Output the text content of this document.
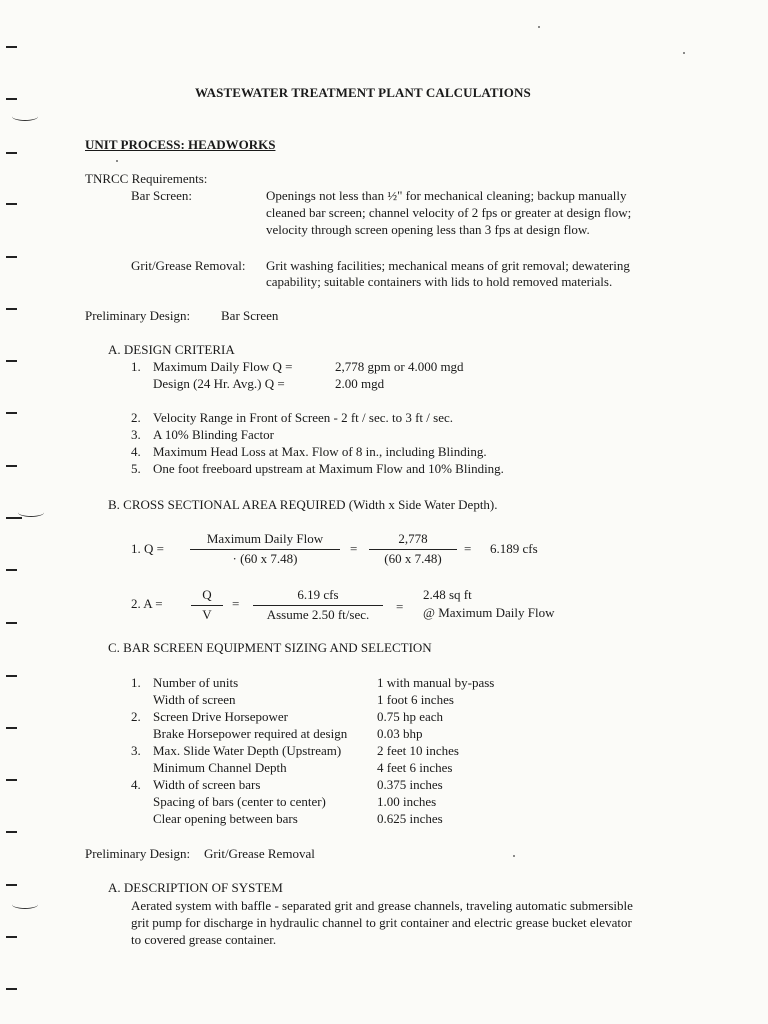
WASTEWATER TREATMENT PLANT CALCULATIONS
UNIT PROCESS: HEADWORKS
TNRCC Requirements:
Bar Screen:	Openings not less than ½" for mechanical cleaning; backup manually
cleaned bar screen; channel velocity of 2 fps or greater at design flow;
velocity through screen opening less than 3 fps at design flow.
Grit/Grease Removal: Grit washing facilities; mechanical means of grit removal; dewatering
capability; suitable containers with lids to hold removed materials.
Preliminary Design: Bar Screen
A. DESIGN CRITERIA
1. Maximum Daily Flow Q =	2,778 gpm or 4.000 mgd
Design (24 Hr. Avg.) Q =	2.00 mgd
2. Velocity Range in Front of Screen - 2 ft / sec. to 3 ft / sec.
3. A 10% Blinding Factor
4. Maximum Head Loss at Max. Flow of 8 in., including Blinding.
5. One foot freeboard upstream at Maximum Flow and 10% Blinding.
B. CROSS SECTIONAL AREA REQUIRED (Width x Side Water Depth).
1. Q =
Maximum Daily Flow
· (60 x 7.48)
=
2,778
(60 x 7.48)
= 6.189 cfs
2. A =
Q
V
=
6.19 cfs
Assume 2.50 ft/sec.
=
2.48 sq ft
@ Maximum Daily Flow
C. BAR SCREEN EQUIPMENT SIZING AND SELECTION
1. Number of units	1 with manual by-pass
Width of screen	1 foot 6 inches
2. Screen Drive Horsepower	0.75 hp each
Brake Horsepower required at design 0.03 bhp
3. Max. Slide Water Depth (Upstream)	2 feet 10 inches
Minimum Channel Depth	4 feet 6 inches
4. Width of screen bars	0.375 inches
Spacing of bars (center to center)	1.00 inches
Clear opening between bars	0.625 inches
Preliminary Design: Grit/Grease Removal
A. DESCRIPTION OF SYSTEM
Aerated system with baffle - separated grit and grease channels, traveling automatic submersible
grit pump for discharge in hydraulic channel to grit container and electric grease bucket elevator
to covered grease container.
